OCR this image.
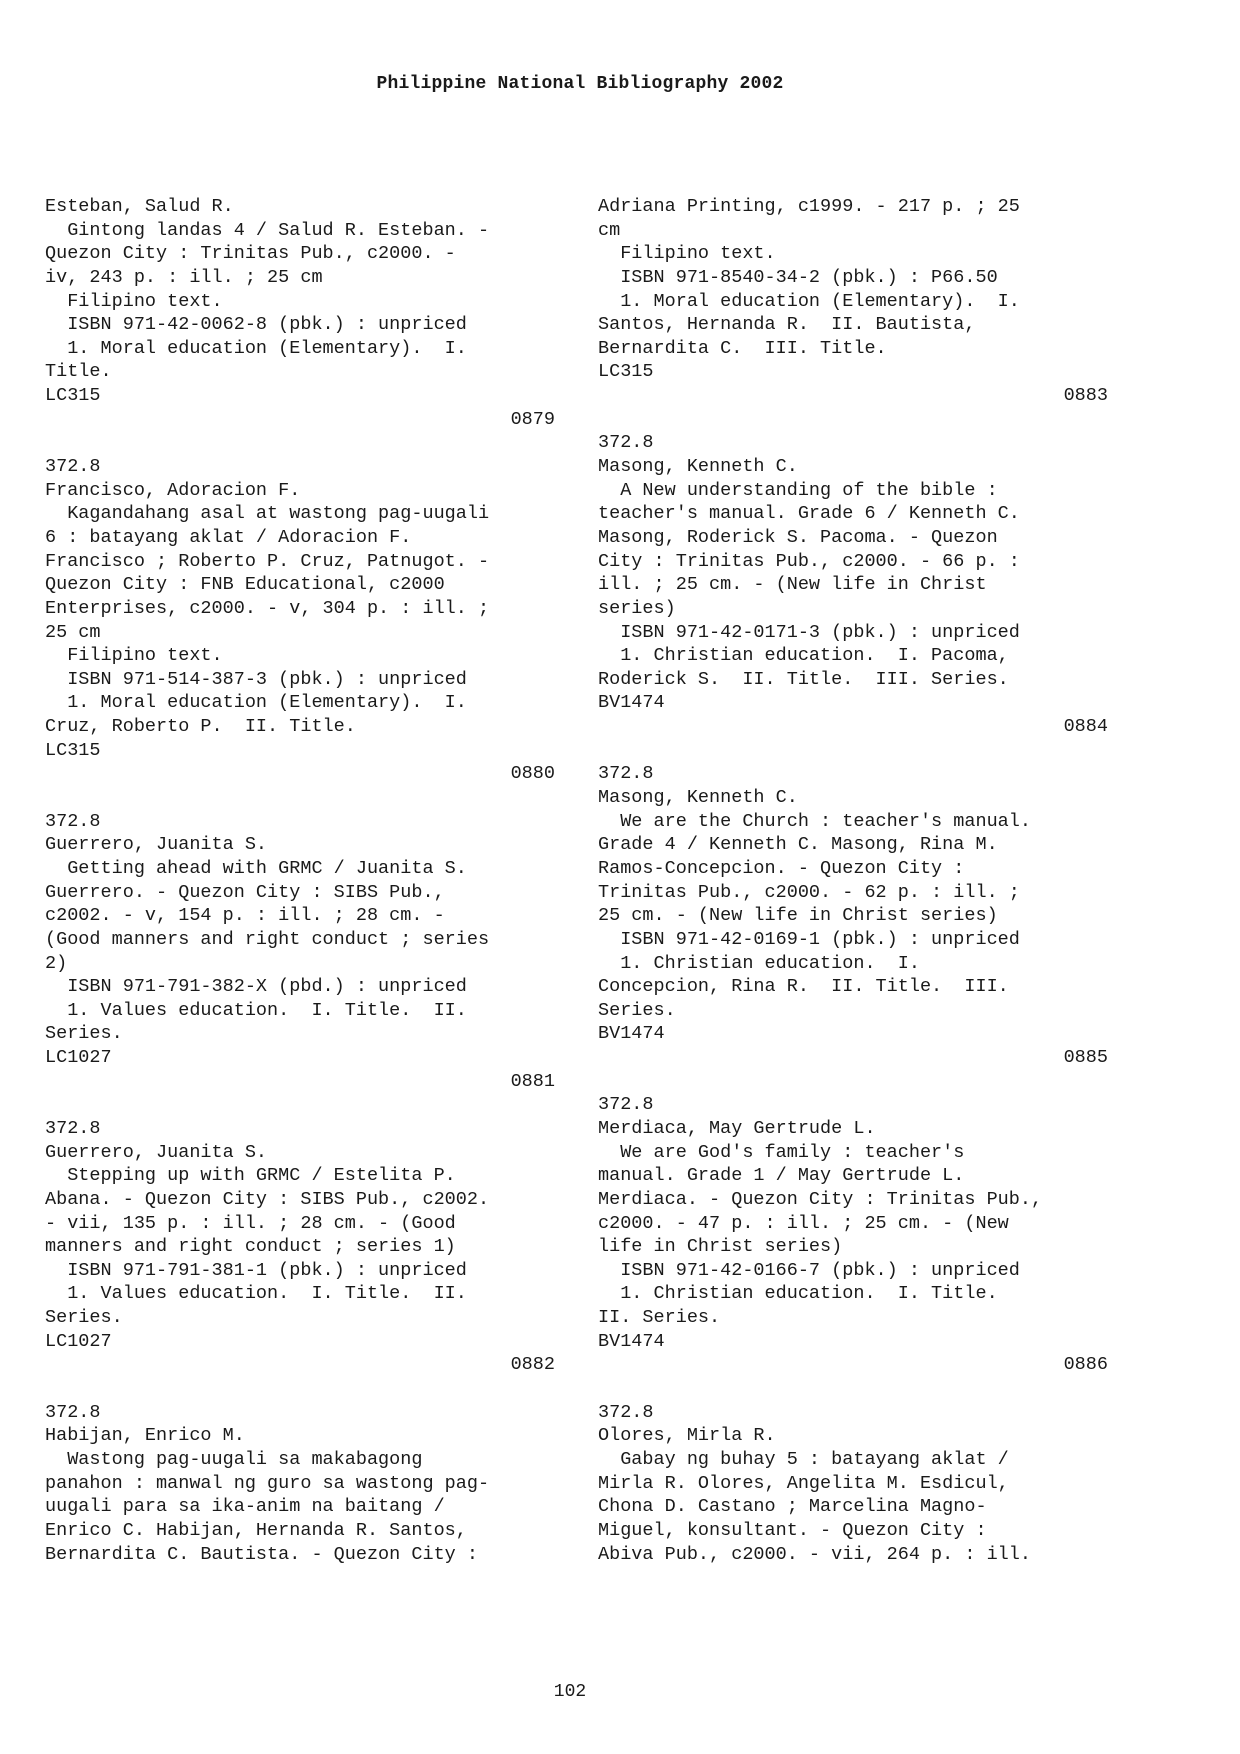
Philippine National Bibliography 2002
Esteban, Salud R.
Gintong landas 4 / Salud R. Esteban. -
Quezon City : Trinitas Pub., c2000. -
iv, 243 p. : ill. ; 25 cm
Filipino text.
ISBN 971-42-0062-8 (pbk.) : unpriced
1. Moral education (Elementary).  I.
Title.
LC315
0879
372.8
Francisco, Adoracion F.
Kagandahang asal at wastong pag-uugali
6 : batayang aklat / Adoracion F.
Francisco ; Roberto P. Cruz, Patnugot. -
Quezon City : FNB Educational, c2000
Enterprises, c2000. - v, 304 p. : ill. ;
25 cm
Filipino text.
ISBN 971-514-387-3 (pbk.) : unpriced
1. Moral education (Elementary).  I.
Cruz, Roberto P.  II. Title.
LC315
0880
372.8
Guerrero, Juanita S.
Getting ahead with GRMC / Juanita S.
Guerrero. - Quezon City : SIBS Pub.,
c2002. - v, 154 p. : ill. ; 28 cm. -
(Good manners and right conduct ; series
2)
ISBN 971-791-382-X (pbd.) : unpriced
1. Values education.  I. Title.  II.
Series.
LC1027
0881
372.8
Guerrero, Juanita S.
Stepping up with GRMC / Estelita P.
Abana. - Quezon City : SIBS Pub., c2002.
- vii, 135 p. : ill. ; 28 cm. - (Good
manners and right conduct ; series 1)
ISBN 971-791-381-1 (pbk.) : unpriced
1. Values education.  I. Title.  II.
Series.
LC1027
0882
372.8
Habijan, Enrico M.
Wastong pag-uugali sa makabagong
panahon : manwal ng guro sa wastong pag-
uugali para sa ika-anim na baitang /
Enrico C. Habijan, Hernanda R. Santos,
Bernardita C. Bautista. - Quezon City :
Adriana Printing, c1999. - 217 p. ; 25
cm
Filipino text.
ISBN 971-8540-34-2 (pbk.) : P66.50
1. Moral education (Elementary).  I.
Santos, Hernanda R.  II. Bautista,
Bernardita C.  III. Title.
LC315
0883
372.8
Masong, Kenneth C.
A New understanding of the bible :
teacher's manual. Grade 6 / Kenneth C.
Masong, Roderick S. Pacoma. - Quezon
City : Trinitas Pub., c2000. - 66 p. :
ill. ; 25 cm. - (New life in Christ
series)
ISBN 971-42-0171-3 (pbk.) : unpriced
1. Christian education.  I. Pacoma,
Roderick S.  II. Title.  III. Series.
BV1474
0884
372.8
Masong, Kenneth C.
We are the Church : teacher's manual.
Grade 4 / Kenneth C. Masong, Rina M.
Ramos-Concepcion. - Quezon City :
Trinitas Pub., c2000. - 62 p. : ill. ;
25 cm. - (New life in Christ series)
ISBN 971-42-0169-1 (pbk.) : unpriced
1. Christian education.  I.
Concepcion, Rina R.  II. Title.  III.
Series.
BV1474
0885
372.8
Merdiaca, May Gertrude L.
We are God's family : teacher's
manual. Grade 1 / May Gertrude L.
Merdiaca. - Quezon City : Trinitas Pub.,
c2000. - 47 p. : ill. ; 25 cm. - (New
life in Christ series)
ISBN 971-42-0166-7 (pbk.) : unpriced
1. Christian education.  I. Title.
II. Series.
BV1474
0886
372.8
Olores, Mirla R.
Gabay ng buhay 5 : batayang aklat /
Mirla R. Olores, Angelita M. Esdicul,
Chona D. Castano ; Marcelina Magno-
Miguel, konsultant. - Quezon City :
Abiva Pub., c2000. - vii, 264 p. : ill.
102
